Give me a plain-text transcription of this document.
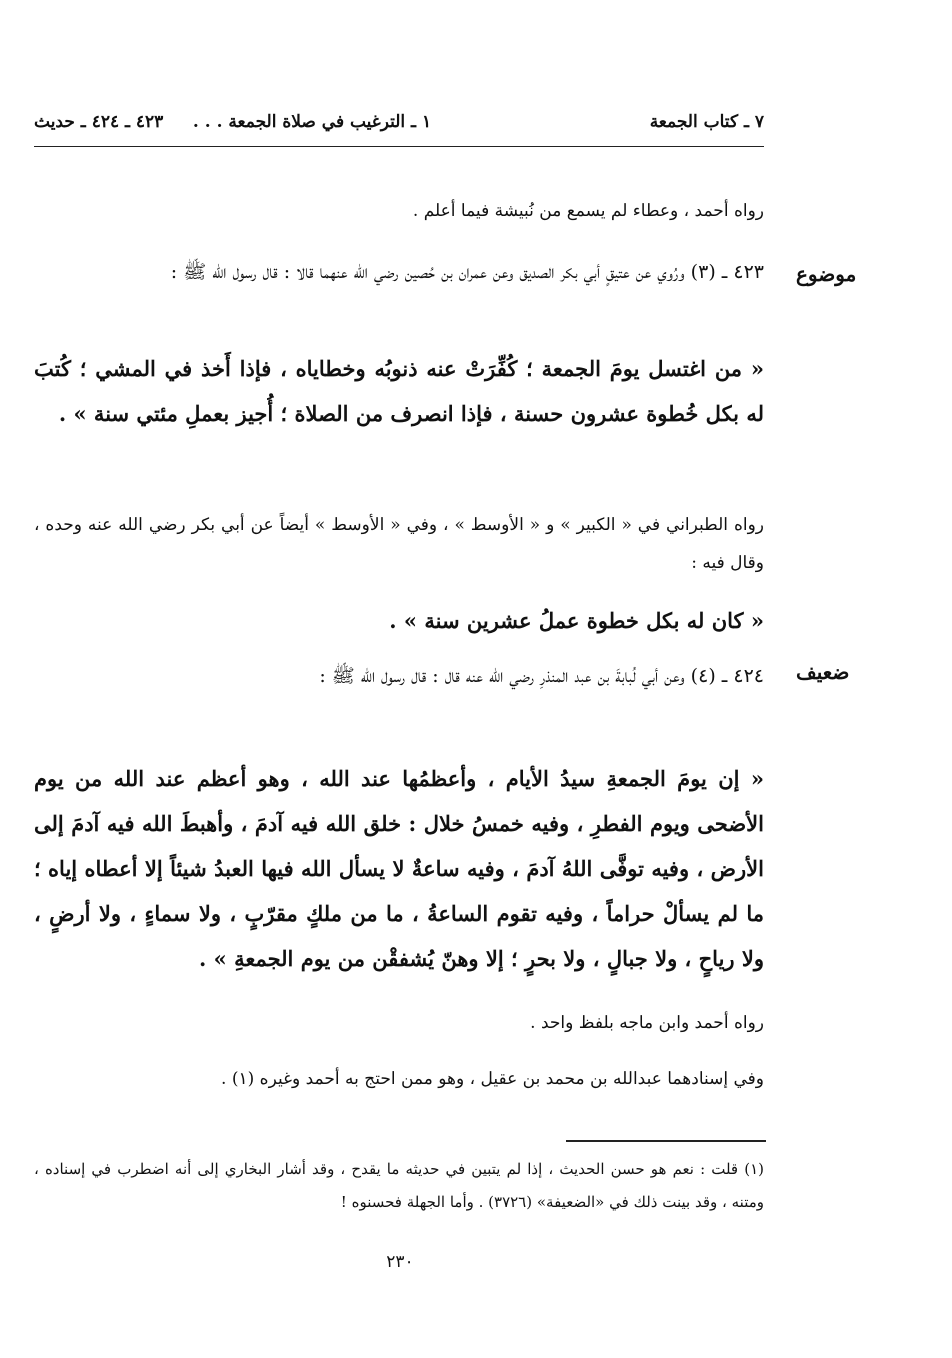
٧ ـ كتاب الجمعة
١ ـ الترغيب في صلاة الجمعة . . .     ٤٢٣ ـ ٤٢٤ ـ حديث
رواه أحمد ، وعطاء لم يسمع من نُبيشة فيما أعلم .
موضوع
٤٢٣ ـ (٣) ورُوي عن عتيقٍ أبي بكر الصديق وعن عمران بن حُصين رضي الله عنهما قالا : قال رسول الله ﷺ :
« من اغتسل يومَ الجمعة ؛ كُفِّرَتْ عنه ذنوبُه وخطاياه ، فإذا أَخذ في المشي ؛ كُتبَ له بكل خُطوة عشرون حسنة ، فإذا انصرف من الصلاة ؛ أُجيز بعملِ مئتي سنة » .
رواه الطبراني في « الكبير » و « الأوسط » ، وفي « الأوسط » أيضاً عن أبي بكر رضي الله عنه وحده ، وقال فيه :
« كان له بكل خطوة عملُ عشرين سنة » .
ضعيف
٤٢٤ ـ (٤) وعن أبي لُبابةَ بن عبد المنذرِ رضي الله عنه قال : قال رسول الله ﷺ :
« إن يومَ الجمعةِ سيدُ الأيام ، وأعظمُها عند الله ، وهو أعظم عند الله من يوم الأضحى ويوم الفطرِ ، وفيه خمسُ خلال : خلق الله فيه آدمَ ، وأهبطَ الله فيه آدمَ إلى الأرض ، وفيه توفَّى اللهُ آدمَ ، وفيه ساعةٌ لا يسأل الله فيها العبدُ شيئاً إلا أعطاه إياه ؛ ما لم يسألْ حراماً ، وفيه تقوم الساعةُ ، ما من ملكٍ مقرّبٍ ، ولا سماءٍ ، ولا أرضٍ ، ولا رياحٍ ، ولا جبالٍ ، ولا بحرٍ ؛ إلا وهنّ يُشفقْن من يوم الجمعةِ » .
رواه أحمد وابن ماجه بلفظ واحد .
وفي إسنادهما عبدالله بن محمد بن عقيل ، وهو ممن احتج به أحمد وغيره (١) .
(١) قلت : نعم هو حسن الحديث ، إذا لم يتبين في حديثه ما يقدح ، وقد أشار البخاري إلى أنه اضطرب في إسناده ، ومتنه ، وقد بينت ذلك في «الضعيفة» (٣٧٢٦) . وأما الجهلة فحسنوه !
٢٣٠
